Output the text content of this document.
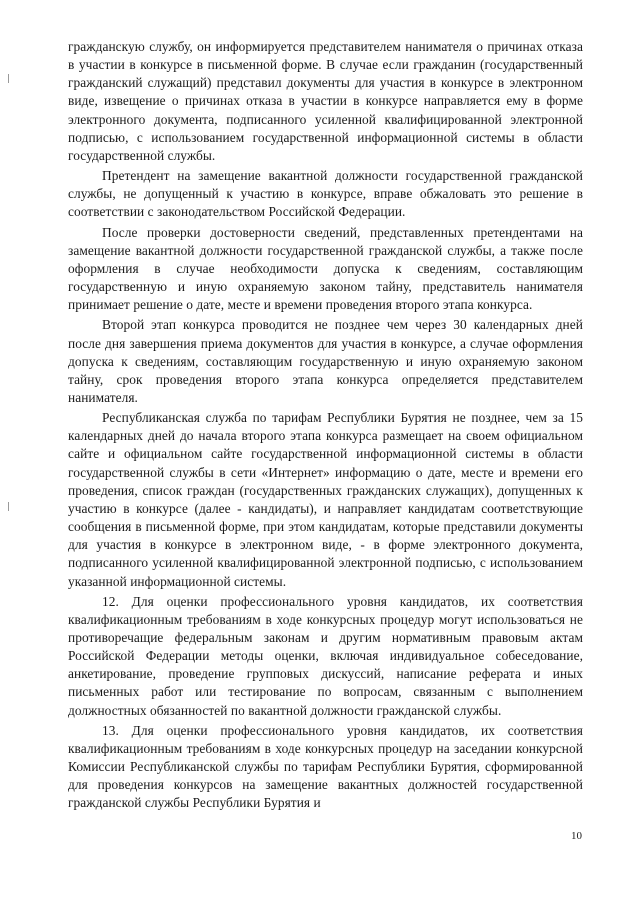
гражданскую службу, он информируется представителем нанимателя о причинах отказа в участии в конкурсе в письменной форме. В случае если гражданин (государственный гражданский служащий) представил документы для участия в конкурсе в электронном виде, извещение о причинах отказа в участии в конкурсе направляется ему в форме электронного документа, подписанного усиленной квалифицированной электронной подписью, с использованием государственной информационной системы в области государственной службы.

Претендент на замещение вакантной должности государственной гражданской службы, не допущенный к участию в конкурсе, вправе обжаловать это решение в соответствии с законодательством Российской Федерации.

После проверки достоверности сведений, представленных претендентами на замещение вакантной должности государственной гражданской службы, а также после оформления в случае необходимости допуска к сведениям, составляющим государственную и иную охраняемую законом тайну, представитель нанимателя принимает решение о дате, месте и времени проведения второго этапа конкурса.

Второй этап конкурса проводится не позднее чем через 30 календарных дней после дня завершения приема документов для участия в конкурсе, а случае оформления допуска к сведениям, составляющим государственную и иную охраняемую законом тайну, срок проведения второго этапа конкурса определяется представителем нанимателя.

Республиканская служба по тарифам Республики Бурятия не позднее, чем за 15 календарных дней до начала второго этапа конкурса размещает на своем официальном сайте и официальном сайте государственной информационной системы в области государственной службы в сети «Интернет» информацию о дате, месте и времени его проведения, список граждан (государственных гражданских служащих), допущенных к участию в конкурсе (далее - кандидаты), и направляет кандидатам соответствующие сообщения в письменной форме, при этом кандидатам, которые представили документы для участия в конкурсе в электронном виде, - в форме электронного документа, подписанного усиленной квалифицированной электронной подписью, с использованием указанной информационной системы.

12. Для оценки профессионального уровня кандидатов, их соответствия квалификационным требованиям в ходе конкурсных процедур могут использоваться не противоречащие федеральным законам и другим нормативным правовым актам Российской Федерации методы оценки, включая индивидуальное собеседование, анкетирование, проведение групповых дискуссий, написание реферата и иных письменных работ или тестирование по вопросам, связанным с выполнением должностных обязанностей по вакантной должности гражданской службы.

13. Для оценки профессионального уровня кандидатов, их соответствия квалификационным требованиям в ходе конкурсных процедур на заседании конкурсной Комиссии Республиканской службы по тарифам Республики Бурятия, сформированной для проведения конкурсов на замещение вакантных должностей государственной гражданской службы Республики Бурятия и

10
